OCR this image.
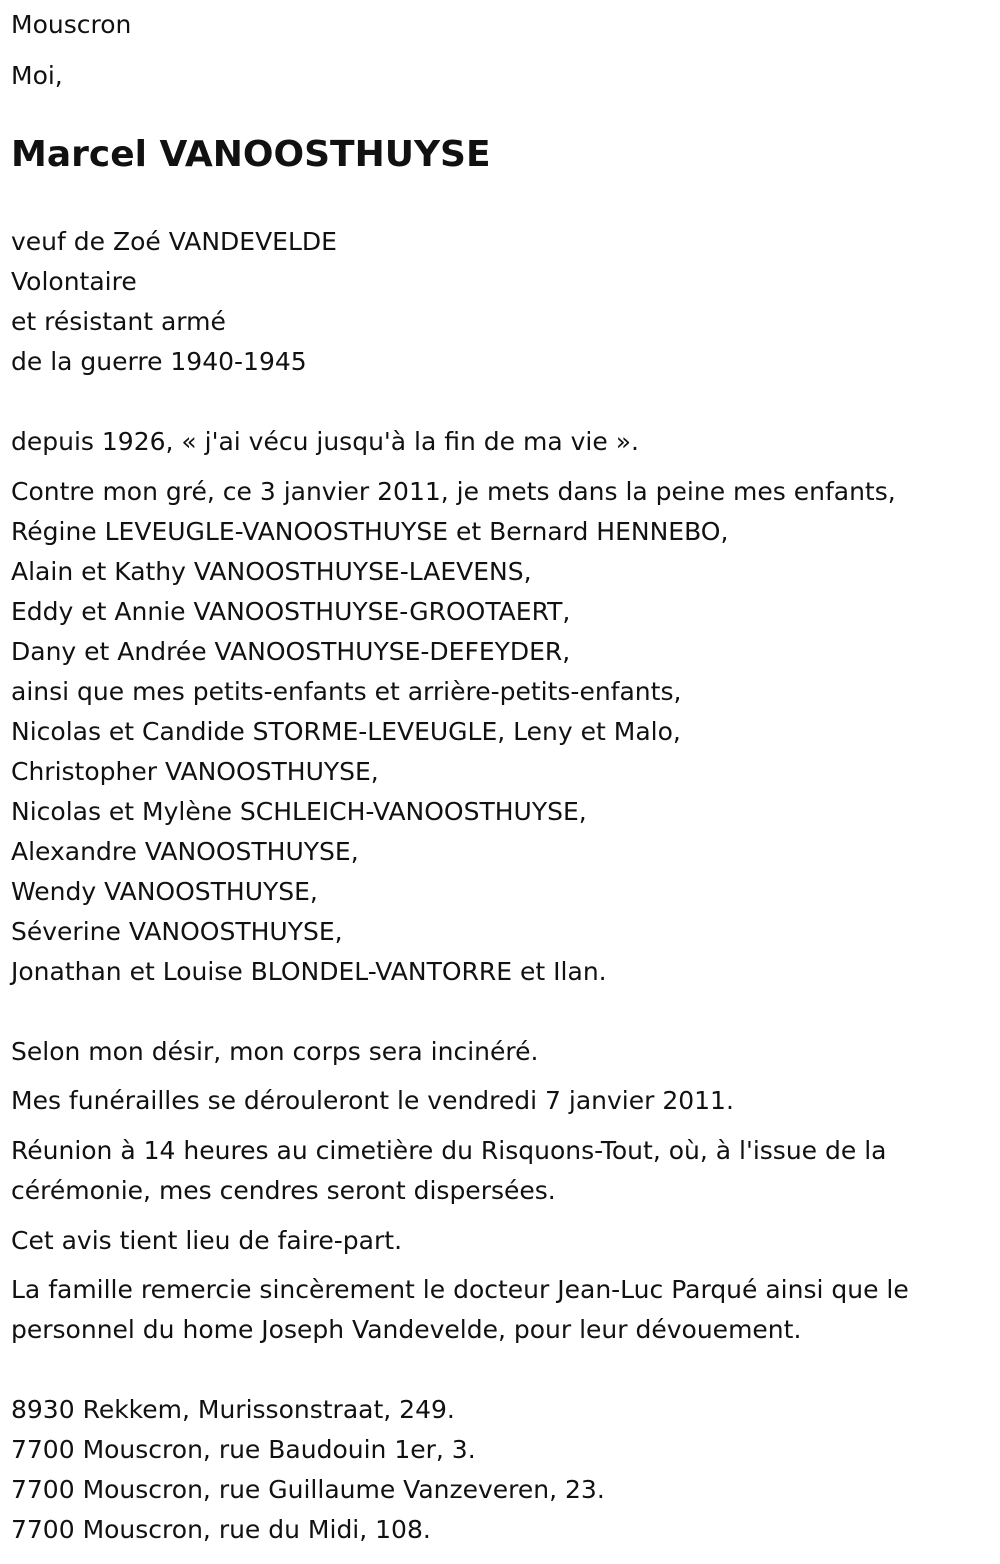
Mouscron
Moi,
Marcel VANOOSTHUYSE
veuf de Zoé VANDEVELDE
Volontaire
et résistant armé
de la guerre 1940-1945
depuis 1926, « j'ai vécu jusqu'à la fin de ma vie ».
Contre mon gré, ce 3 janvier 2011, je mets dans la peine mes enfants,
Régine LEVEUGLE-VANOOSTHUYSE et Bernard HENNEBO,
Alain et Kathy VANOOSTHUYSE-LAEVENS,
Eddy et Annie VANOOSTHUYSE-GROOTAERT,
Dany et Andrée VANOOSTHUYSE-DEFEYDER,
ainsi que mes petits-enfants et arrière-petits-enfants,
Nicolas et Candide STORME-LEVEUGLE, Leny et Malo,
Christopher VANOOSTHUYSE,
Nicolas et Mylène SCHLEICH-VANOOSTHUYSE,
Alexandre VANOOSTHUYSE,
Wendy VANOOSTHUYSE,
Séverine VANOOSTHUYSE,
Jonathan et Louise BLONDEL-VANTORRE et Ilan.
Selon mon désir, mon corps sera incinéré.
Mes funérailles se dérouleront le vendredi 7 janvier 2011.
Réunion à 14 heures au cimetière du Risquons-Tout, où, à l'issue de la cérémonie, mes cendres seront dispersées.
Cet avis tient lieu de faire-part.
La famille remercie sincèrement le docteur Jean-Luc Parqué ainsi que le personnel du home Joseph Vandevelde, pour leur dévouement.
8930 Rekkem, Murissonstraat, 249.
7700 Mouscron, rue Baudouin 1er, 3.
7700 Mouscron, rue Guillaume Vanzeveren, 23.
7700 Mouscron, rue du Midi, 108.
